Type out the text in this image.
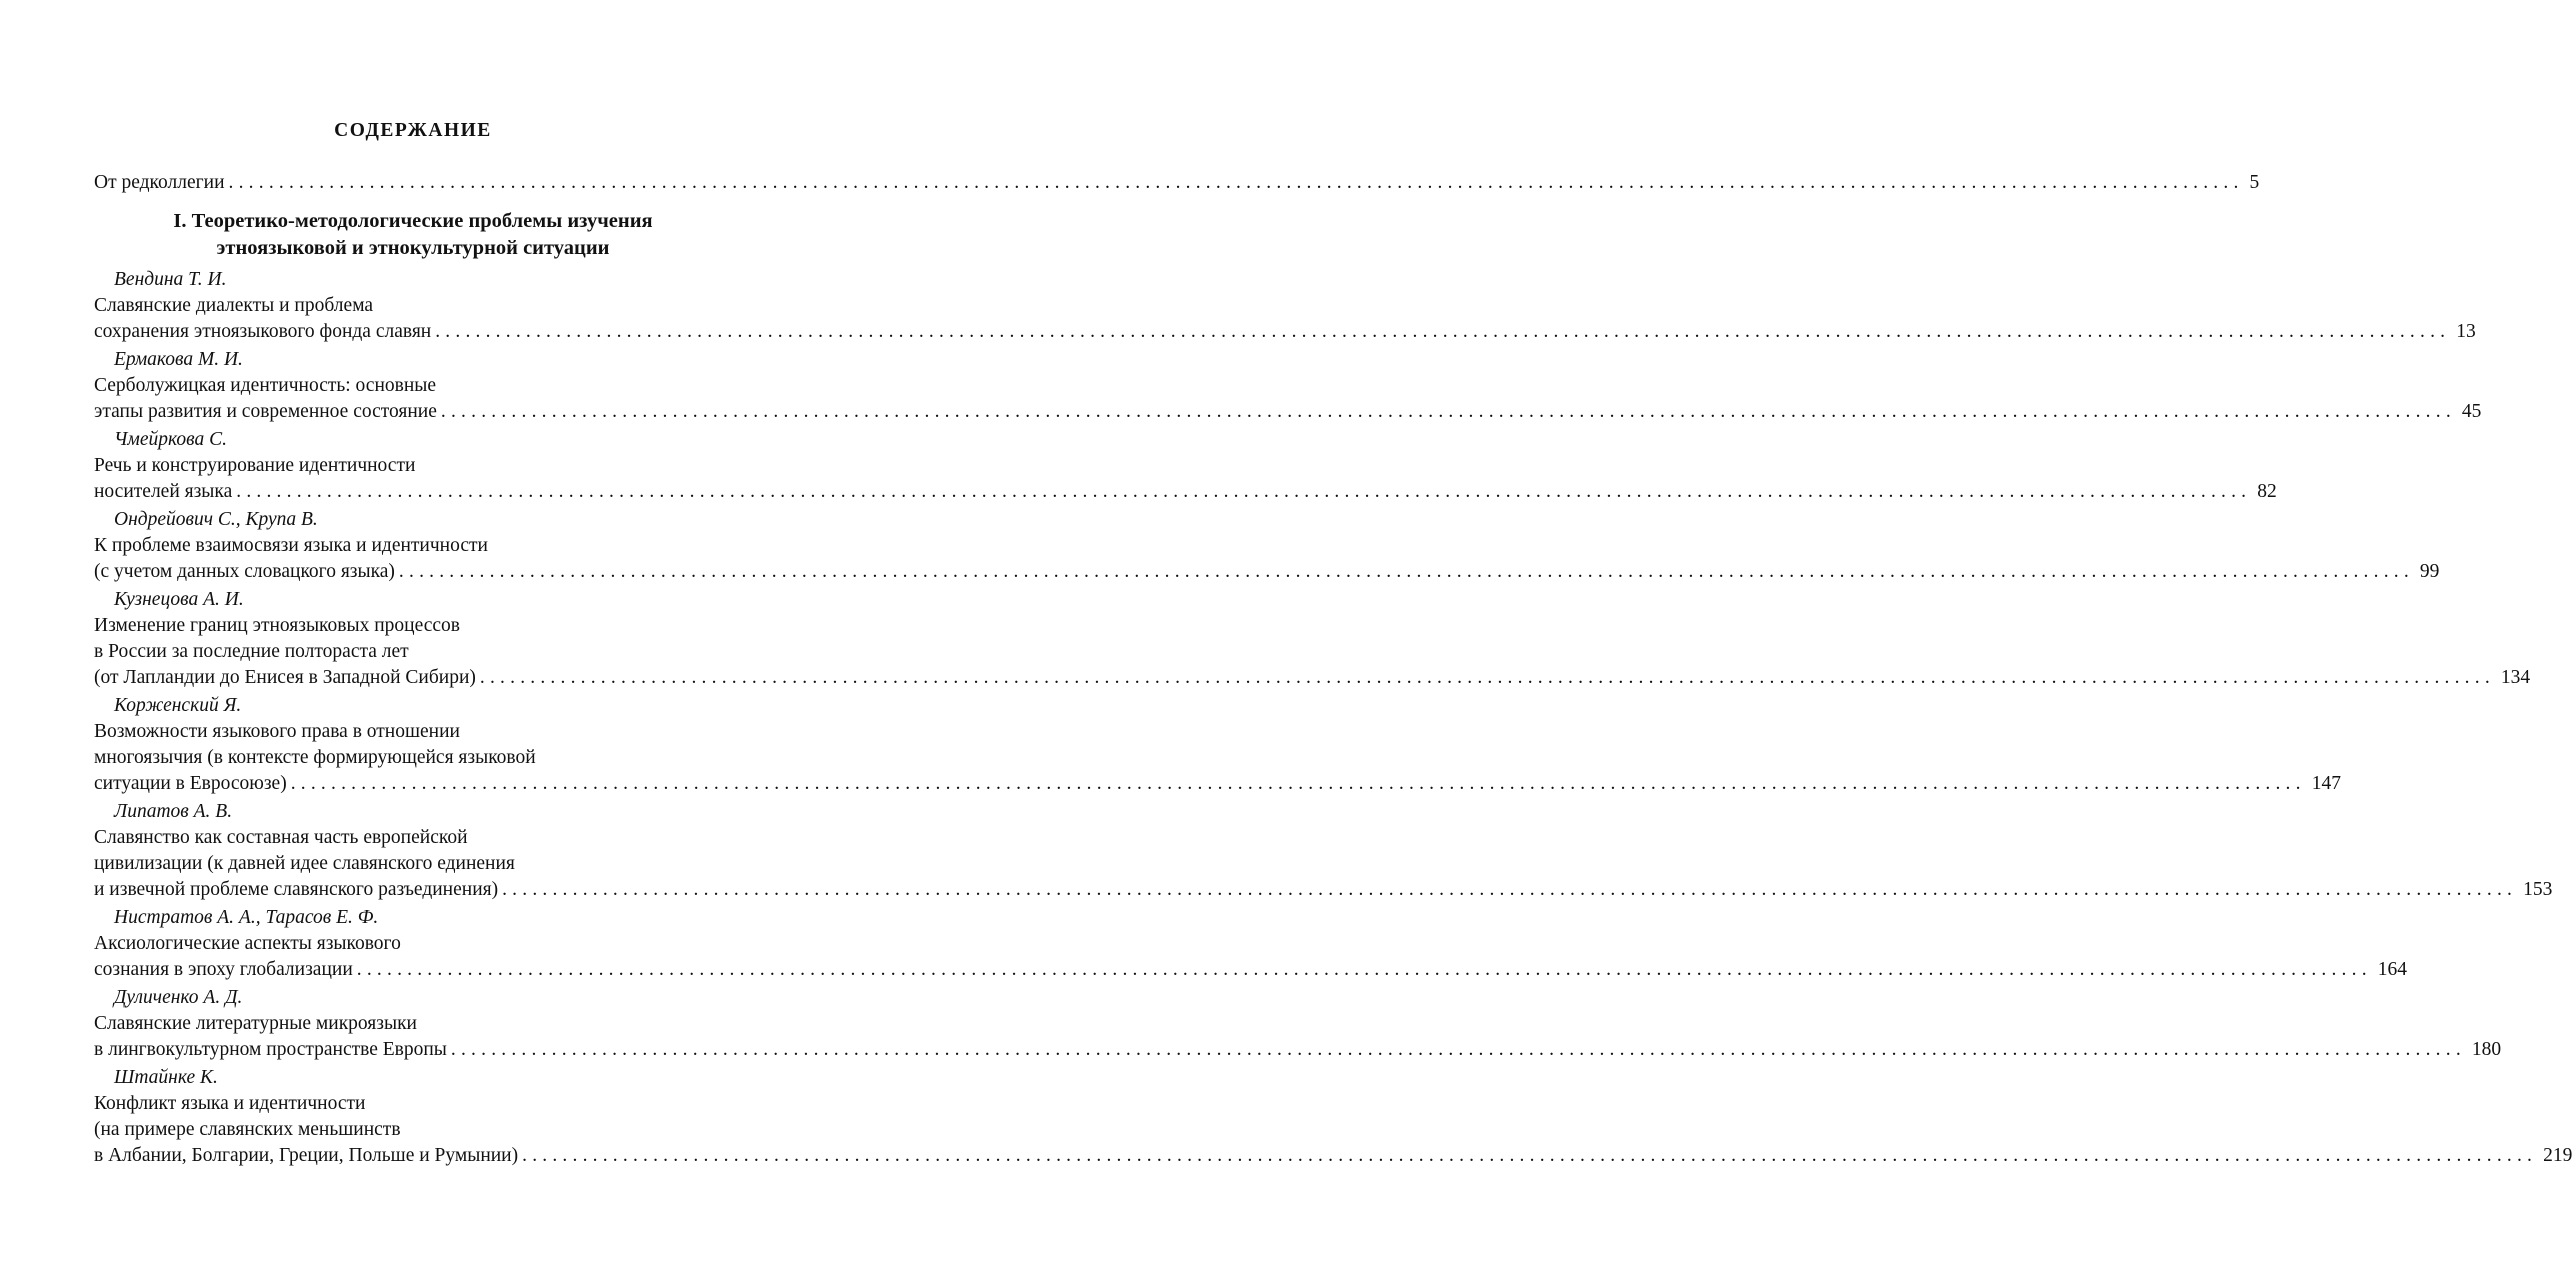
СОДЕРЖАНИЕ
От редколлегии ........................................................................................................................................................................................................ 5
I. Теоретико-методологические проблемы изучения
этноязыковой и этнокультурной ситуации
Вендина Т. И.
Славянские диалекты и проблема
сохранения этноязыкового фонда славян ........................................................................................................................................................................................................ 13
Ермакова М. И.
Серболужицкая идентичность: основные
этапы развития и современное состояние ........................................................................................................................................................................................................ 45
Чмейркова С.
Речь и конструирование идентичности
носителей языка ........................................................................................................................................................................................................ 82
Ондрейович С., Крупа В.
К проблеме взаимосвязи языка и идентичности
(с учетом данных словацкого языка) ........................................................................................................................................................................................................ 99
Кузнецова А. И.
Изменение границ этноязыковых процессов
в России за последние полтораста лет
(от Лапландии до Енисея в Западной Сибири) ........................................................................................................................................................................................................ 134
Корженский Я.
Возможности языкового права в отношении
многоязычия (в контексте формирующейся языковой
ситуации в Евросоюзе) ........................................................................................................................................................................................................ 147
Липатов А. В.
Славянство как составная часть европейской
цивилизации (к давней идее славянского единения
и извечной проблеме славянского разъединения) ........................................................................................................................................................................................................ 153
Нистратов А. А., Тарасов Е. Ф.
Аксиологические аспекты языкового
сознания в эпоху глобализации ........................................................................................................................................................................................................ 164
Дуличенко А. Д.
Славянские литературные микроязыки
в лингвокультурном пространстве Европы ........................................................................................................................................................................................................ 180
Штайнке К.
Конфликт языка и идентичности
(на примере славянских меньшинств
в Албании, Болгарии, Греции, Польше и Румынии) ........................................................................................................................................................................................................ 219
